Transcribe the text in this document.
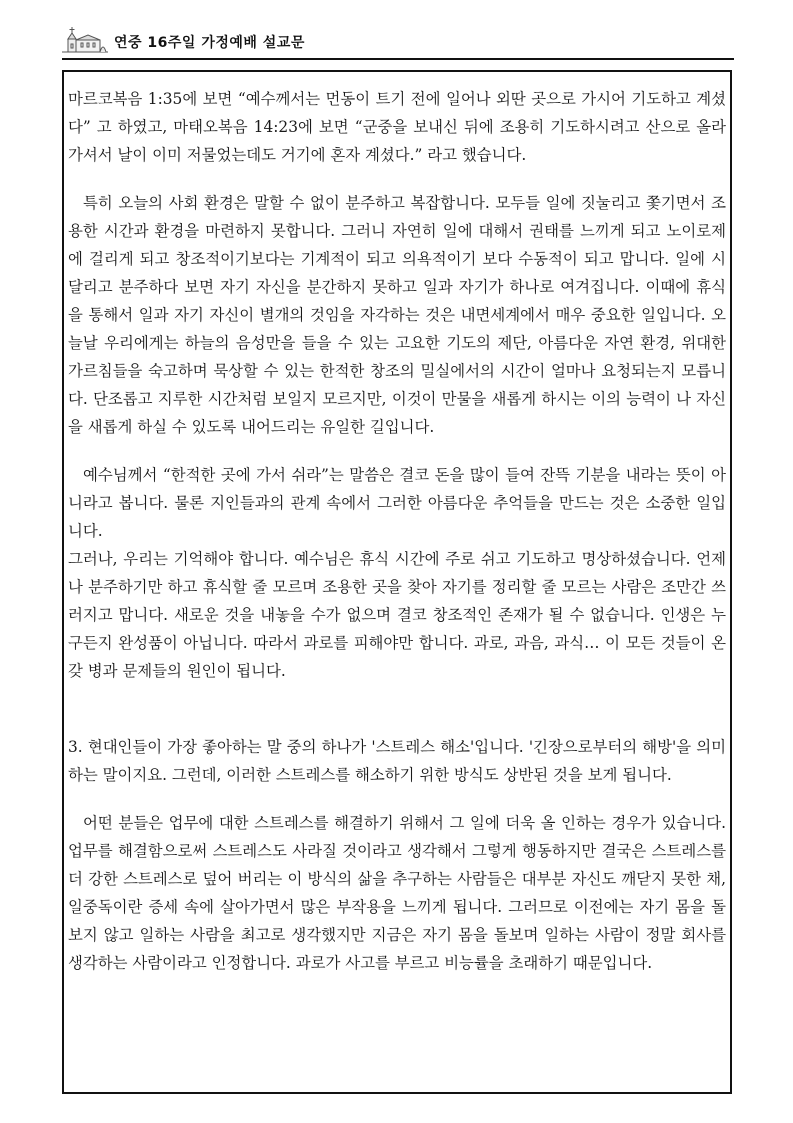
연중 16주일 가정예배 설교문

마르코복음 1:35에 보면 “예수께서는 먼동이 트기 전에 일어나 외딴 곳으로 가시어 기도하고 계셨다” 고 하였고, 마태오복음 14:23에 보면 “군중을 보내신 뒤에 조용히 기도하시려고 산으로 올라가셔서 날이 이미 저물었는데도 거기에 혼자 계셨다.” 라고 했습니다.

특히 오늘의 사회 환경은 말할 수 없이 분주하고 복잡합니다. 모두들 일에 짓눌리고 쫓기면서 조용한 시간과 환경을 마련하지 못합니다. 그러니 자연히 일에 대해서 권태를 느끼게 되고 노이로제에 걸리게 되고 창조적이기보다는 기계적이 되고 의욕적이기 보다 수동적이 되고 맙니다. 일에 시달리고 분주하다 보면 자기 자신을 분간하지 못하고 일과 자기가 하나로 여겨집니다. 이때에 휴식을 통해서 일과 자기 자신이 별개의 것임을 자각하는 것은 내면세계에서 매우 중요한 일입니다. 오늘날 우리에게는 하늘의 음성만을 들을 수 있는 고요한 기도의 제단, 아름다운 자연 환경, 위대한 가르침들을 숙고하며 묵상할 수 있는 한적한 창조의 밀실에서의 시간이 얼마나 요청되는지 모릅니다. 단조롭고 지루한 시간처럼 보일지 모르지만, 이것이 만물을 새롭게 하시는 이의 능력이 나 자신을 새롭게 하실 수 있도록 내어드리는 유일한 길입니다.

예수님께서 “한적한 곳에 가서 쉬라”는 말씀은 결코 돈을 많이 들여 잔뜩 기분을 내라는 뜻이 아니라고 봅니다. 물론 지인들과의 관계 속에서 그러한 아름다운 추억들을 만드는 것은 소중한 일입니다.

그러나, 우리는 기억해야 합니다. 예수님은 휴식 시간에 주로 쉬고 기도하고 명상하셨습니다. 언제나 분주하기만 하고 휴식할 줄 모르며 조용한 곳을 찾아 자기를 정리할 줄 모르는 사람은 조만간 쓰러지고 맙니다. 새로운 것을 내놓을 수가 없으며 결코 창조적인 존재가 될 수 없습니다. 인생은 누구든지 완성품이 아닙니다. 따라서 과로를 피해야만 합니다. 과로, 과음, 과식… 이 모든 것들이 온갖 병과 문제들의 원인이 됩니다.

3. 현대인들이 가장 좋아하는 말 중의 하나가 '스트레스 해소'입니다. '긴장으로부터의 해방'을 의미하는 말이지요. 그런데, 이러한 스트레스를 해소하기 위한 방식도 상반된 것을 보게 됩니다.

어떤 분들은 업무에 대한 스트레스를 해결하기 위해서 그 일에 더욱 올 인하는 경우가 있습니다. 업무를 해결함으로써 스트레스도 사라질 것이라고 생각해서 그렇게 행동하지만 결국은 스트레스를 더 강한 스트레스로 덮어 버리는 이 방식의 삶을 추구하는 사람들은 대부분 자신도 깨닫지 못한 채, 일중독이란 증세 속에 살아가면서 많은 부작용을 느끼게 됩니다. 그러므로 이전에는 자기 몸을 돌보지 않고 일하는 사람을 최고로 생각했지만 지금은 자기 몸을 돌보며 일하는 사람이 정말 회사를 생각하는 사람이라고 인정합니다. 과로가 사고를 부르고 비능률을 초래하기 때문입니다.
